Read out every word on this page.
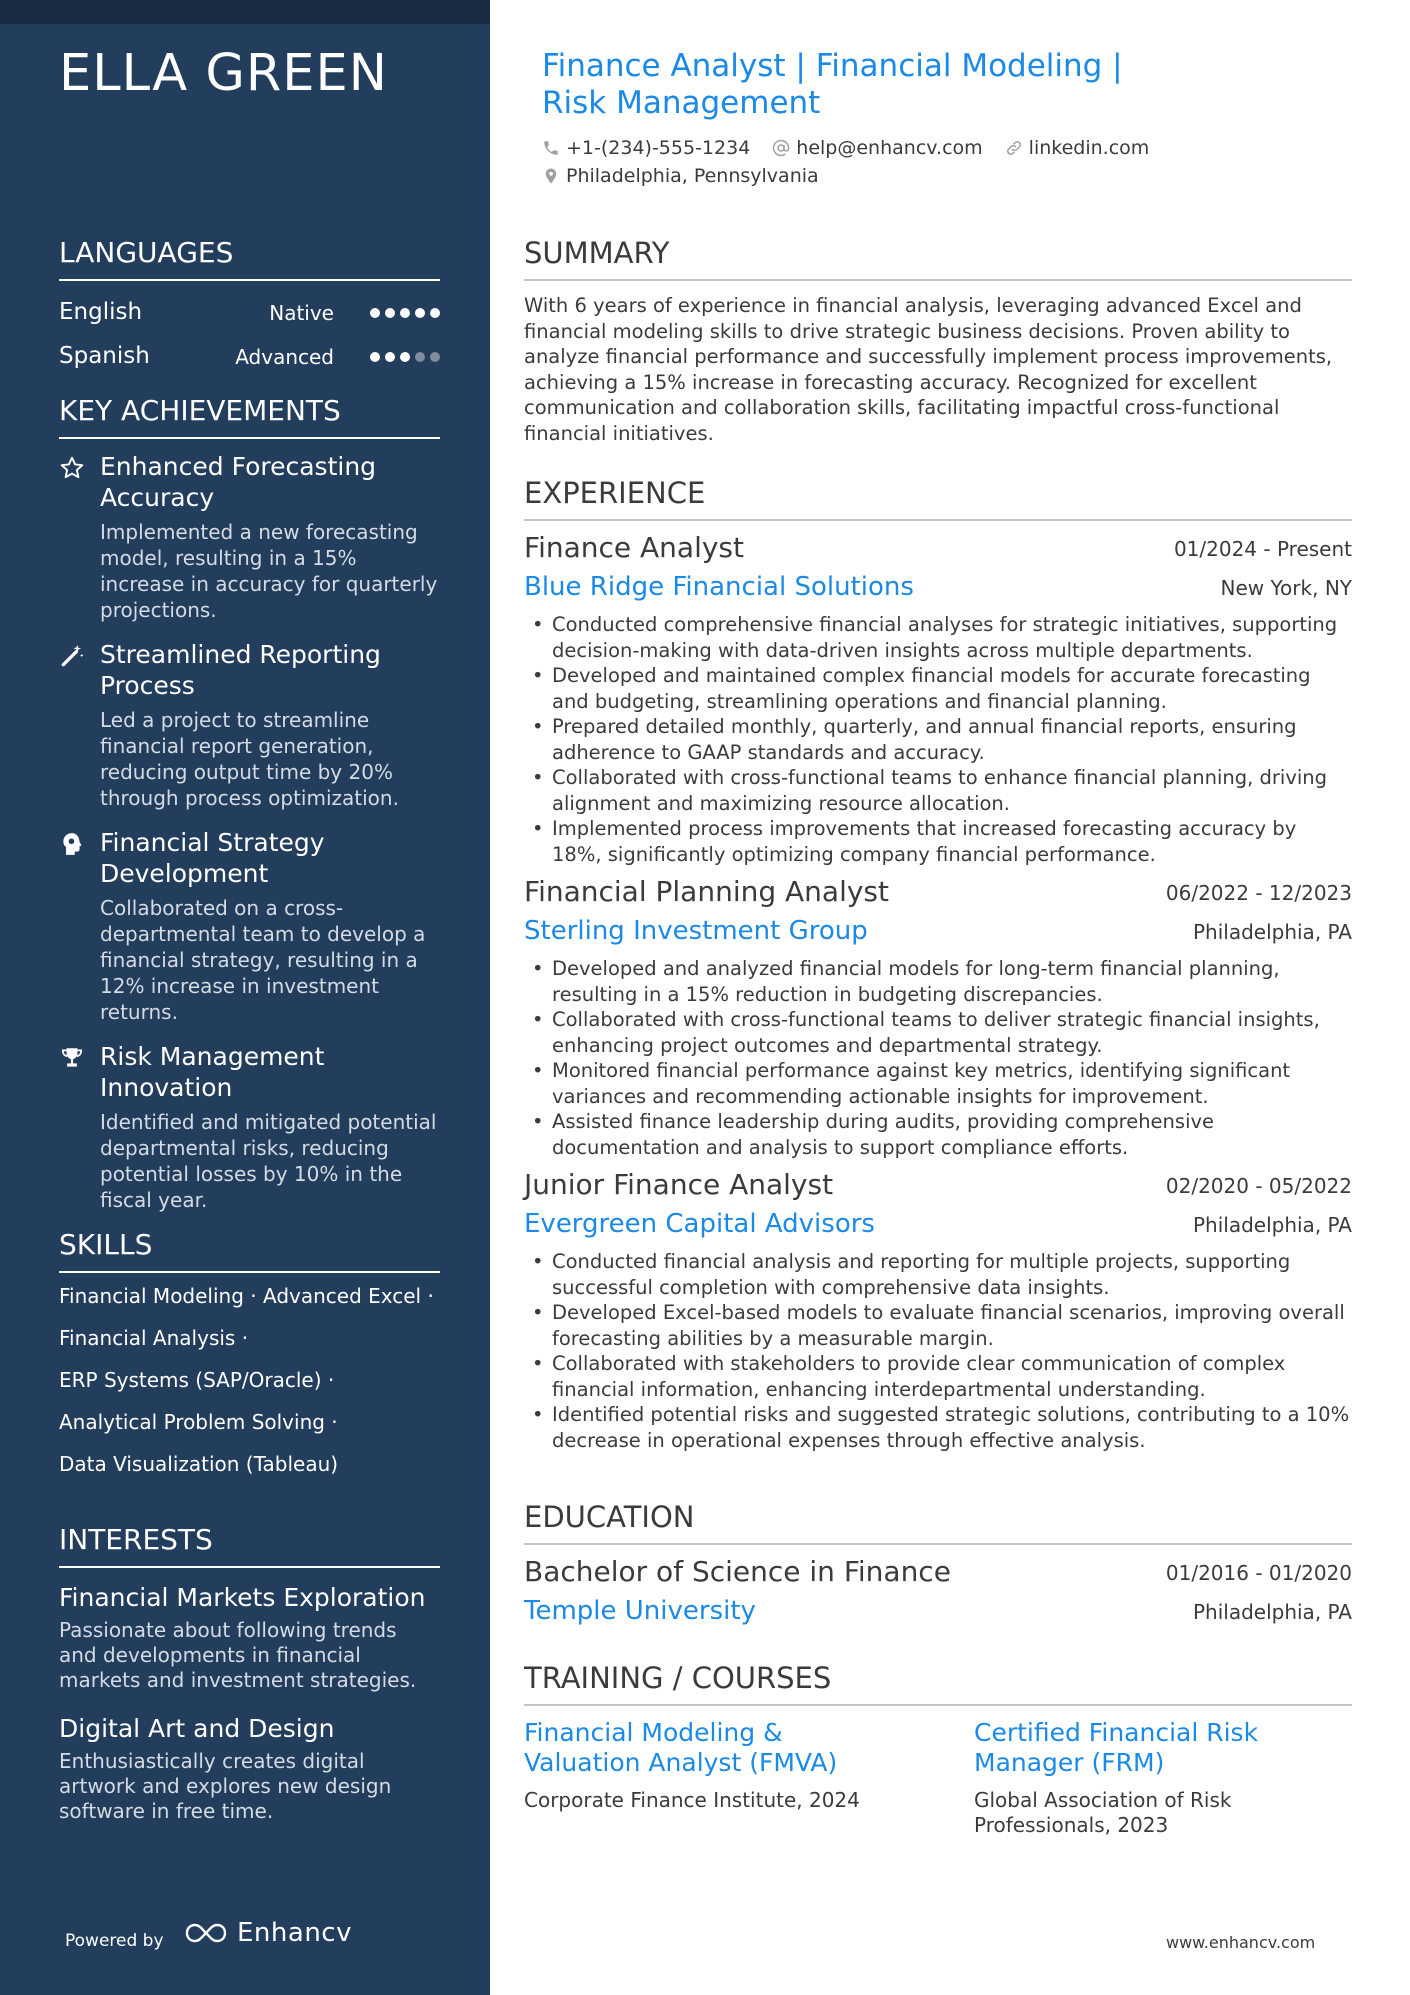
ELLA GREEN
LANGUAGES
English	Native
Spanish	Advanced
KEY ACHIEVEMENTS
Enhanced Forecasting Accuracy
Implemented a new forecasting model, resulting in a 15% increase in accuracy for quarterly projections.
Streamlined Reporting Process
Led a project to streamline financial report generation, reducing output time by 20% through process optimization.
Financial Strategy Development
Collaborated on a cross-departmental team to develop a financial strategy, resulting in a 12% increase in investment returns.
Risk Management Innovation
Identified and mitigated potential departmental risks, reducing potential losses by 10% in the fiscal year.
SKILLS
Financial Modeling · Advanced Excel ·
Financial Analysis ·
ERP Systems (SAP/Oracle) ·
Analytical Problem Solving ·
Data Visualization (Tableau)
INTERESTS
Financial Markets Exploration
Passionate about following trends and developments in financial markets and investment strategies.
Digital Art and Design
Enthusiastically creates digital artwork and explores new design software in free time.
Powered by	Enhancv
Finance Analyst | Financial Modeling | Risk Management
+1-(234)-555-1234 help@enhancv.com linkedin.com
Philadelphia, Pennsylvania
SUMMARY

With 6 years of experience in financial analysis, leveraging advanced Excel and financial modeling skills to drive strategic business decisions. Proven ability to analyze financial performance and successfully implement process improvements, achieving a 15% increase in forecasting accuracy. Recognized for excellent communication and collaboration skills, facilitating impactful cross-functional financial initiatives.

EXPERIENCE
Finance Analyst	01/2024 - Present
Blue Ridge Financial Solutions	New York, NY
• Conducted comprehensive financial analyses for strategic initiatives, supporting decision-making with data-driven insights across multiple departments.
• Developed and maintained complex financial models for accurate forecasting and budgeting, streamlining operations and financial planning.
• Prepared detailed monthly, quarterly, and annual financial reports, ensuring adherence to GAAP standards and accuracy.
• Collaborated with cross-functional teams to enhance financial planning, driving alignment and maximizing resource allocation.
• Implemented process improvements that increased forecasting accuracy by 18%, significantly optimizing company financial performance.
Financial Planning Analyst	06/2022 - 12/2023
Sterling Investment Group	Philadelphia, PA
• Developed and analyzed financial models for long-term financial planning, resulting in a 15% reduction in budgeting discrepancies.
• Collaborated with cross-functional teams to deliver strategic financial insights, enhancing project outcomes and departmental strategy.
• Monitored financial performance against key metrics, identifying significant variances and recommending actionable insights for improvement.
• Assisted finance leadership during audits, providing comprehensive documentation and analysis to support compliance efforts.
Junior Finance Analyst	02/2020 - 05/2022
Evergreen Capital Advisors	Philadelphia, PA
• Conducted financial analysis and reporting for multiple projects, supporting successful completion with comprehensive data insights.
• Developed Excel-based models to evaluate financial scenarios, improving overall forecasting abilities by a measurable margin.
• Collaborated with stakeholders to provide clear communication of complex financial information, enhancing interdepartmental understanding.
• Identified potential risks and suggested strategic solutions, contributing to a 10% decrease in operational expenses through effective analysis.
EDUCATION
Bachelor of Science in Finance	01/2016 - 01/2020
Temple University	Philadelphia, PA
TRAINING / COURSES
Financial Modeling & Valuation Analyst (FMVA)
Corporate Finance Institute, 2024
Certified Financial Risk Manager (FRM)
Global Association of Risk Professionals, 2023
www.enhancv.com
